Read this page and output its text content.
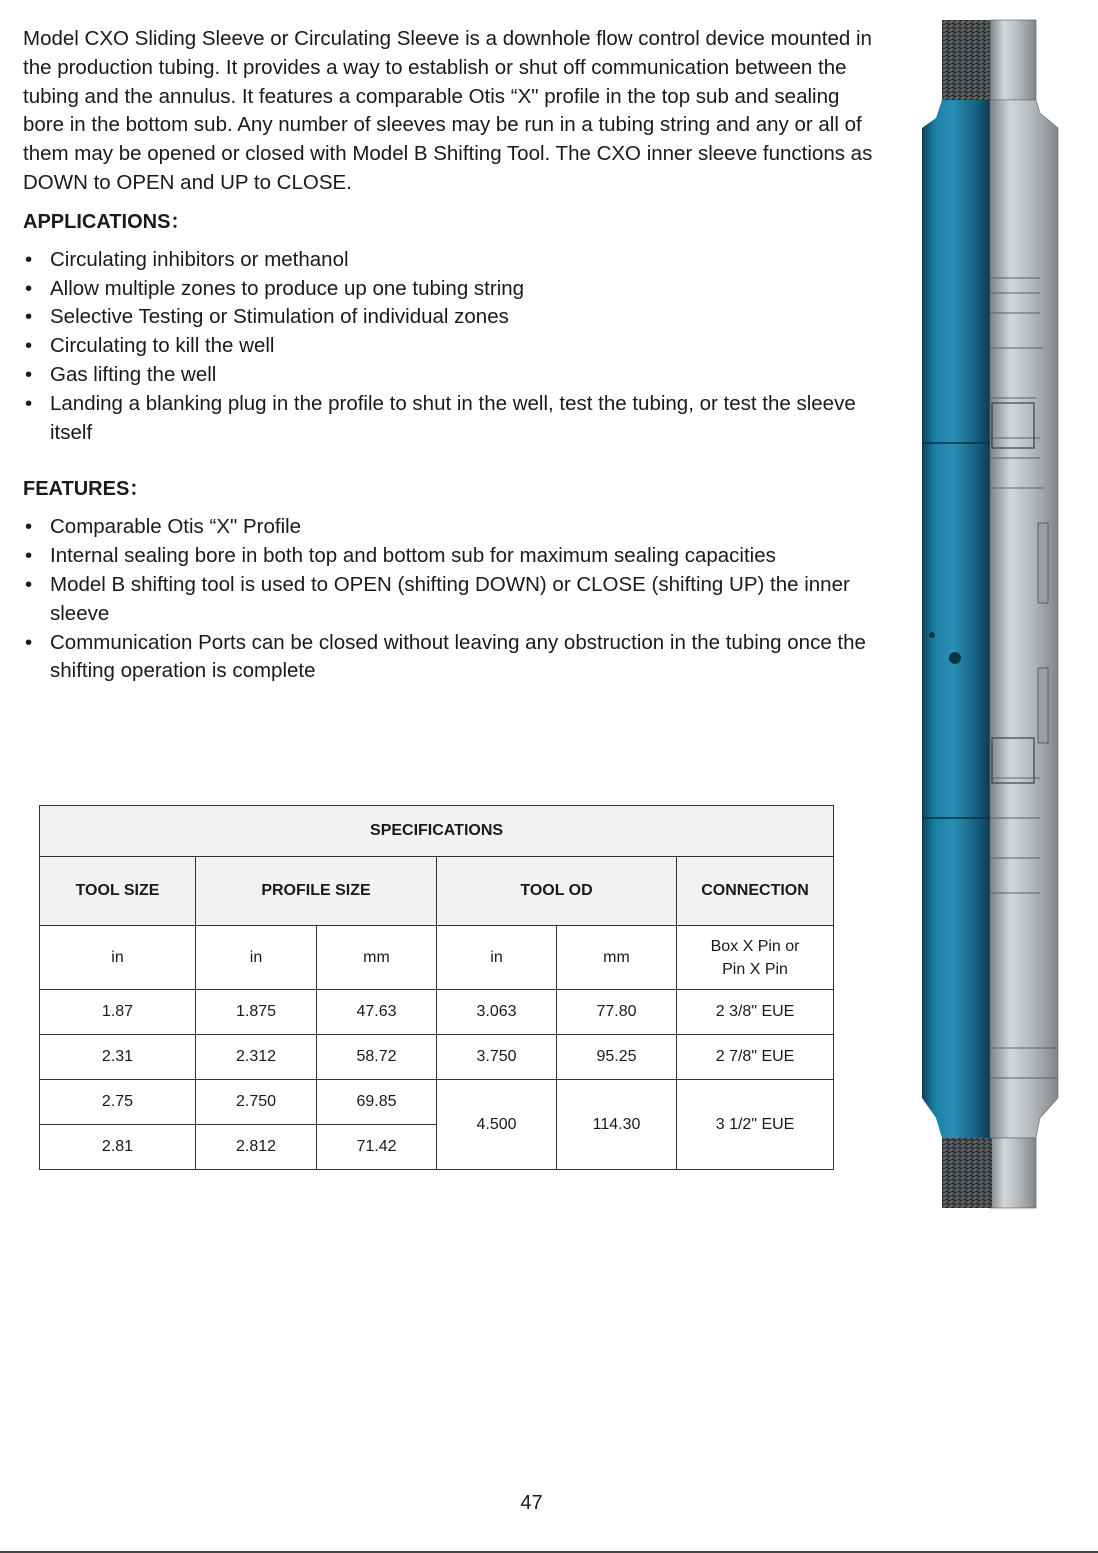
Model CXO Sliding Sleeve or Circulating Sleeve is a downhole flow control device mounted in the production tubing. It provides a way to establish or shut off communication between the tubing and the annulus. It features a comparable Otis “X" profile in the top sub and sealing bore in the bottom sub. Any number of sleeves may be run in a tubing string and any or all of them may be opened or closed with Model B Shifting Tool. The CXO inner sleeve functions as DOWN to OPEN and UP to CLOSE.

APPLICATIONS：

• Circulating inhibitors or methanol
• Allow multiple zones to produce up one tubing string
• Selective Testing or Stimulation of individual zones
• Circulating to kill the well
• Gas lifting the well
• Landing a blanking plug in the profile to shut in the well, test the tubing, or test the sleeve itself

FEATURES：

• Comparable Otis “X" Profile
• Internal sealing bore in both top and bottom sub for maximum sealing capacities
• Model B shifting tool is used to OPEN (shifting DOWN) or CLOSE (shifting UP) the inner sleeve
• Communication Ports can be closed without leaving any obstruction in the tubing once the shifting operation is complete
SPECIFICATIONS					
TOOL SIZE	PROFILE SIZE		TOOL OD		CONNECTION
in	in	mm	in	mm	Box X Pin or
Pin X Pin

1.87	1.875	47.63	3.063	77.80	2 3/8" EUE
2.31	2.312	58.72	3.750	95.25	2 7/8" EUE
2.75	2.750	69.85	4.500	114.30	3 1/2" EUE
2.81	2.812	71.42			
47
